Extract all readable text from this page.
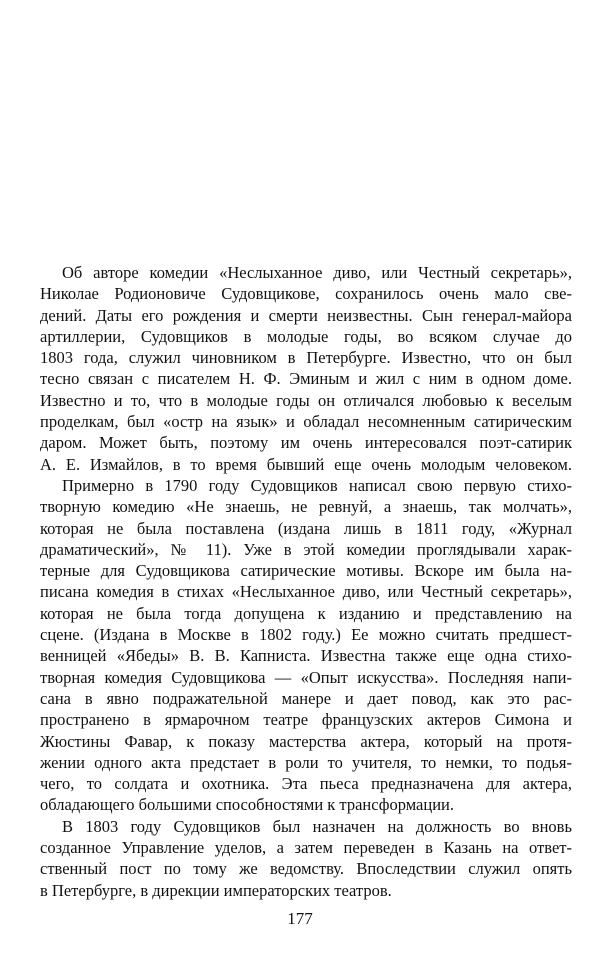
Об авторе комедии «Неслыханное диво, или Честный секретарь»,
Николае Родионовиче Судовщикове, сохранилось очень мало све-
дений. Даты его рождения и смерти неизвестны. Сын генерал-майора
артиллерии, Судовщиков в молодые годы, во всяком случае до
1803 года, служил чиновником в Петербурге. Известно, что он был
тесно связан с писателем Н. Ф. Эминым и жил с ним в одном доме.
Известно и то, что в молодые годы он отличался любовью к веселым
проделкам, был «остр на язык» и обладал несомненным сатирическим
даром. Может быть, поэтому им очень интересовался поэт-сатирик
А. Е. Измайлов, в то время бывший еще очень молодым человеком.
Примерно в 1790 году Судовщиков написал свою первую стихо-
творную комедию «Не знаешь, не ревнуй, а знаешь, так молчать»,
которая не была поставлена (издана лишь в 1811 году, «Журнал
драматический», № 11). Уже в этой комедии проглядывали харак-
терные для Судовщикова сатирические мотивы. Вскоре им была на-
писана комедия в стихах «Неслыханное диво, или Честный секретарь»,
которая не была тогда допущена к изданию и представлению на
сцене. (Издана в Москве в 1802 году.) Ее можно считать предшест-
венницей «Ябеды» В. В. Капниста. Известна также еще одна стихо-
творная комедия Судовщикова — «Опыт искусства». Последняя напи-
сана в явно подражательной манере и дает повод, как это рас-
пространено в ярмарочном театре французских актеров Симона и
Жюстины Фавар, к показу мастерства актера, который на протя-
жении одного акта предстает в роли то учителя, то немки, то подья-
чего, то солдата и охотника. Эта пьеса предназначена для актера,
обладающего большими способностями к трансформации.
В 1803 году Судовщиков был назначен на должность во вновь
созданное Управление уделов, а затем переведен в Казань на ответ-
ственный пост по тому же ведомству. Впоследствии служил опять
в Петербурге, в дирекции императорских театров.
177
